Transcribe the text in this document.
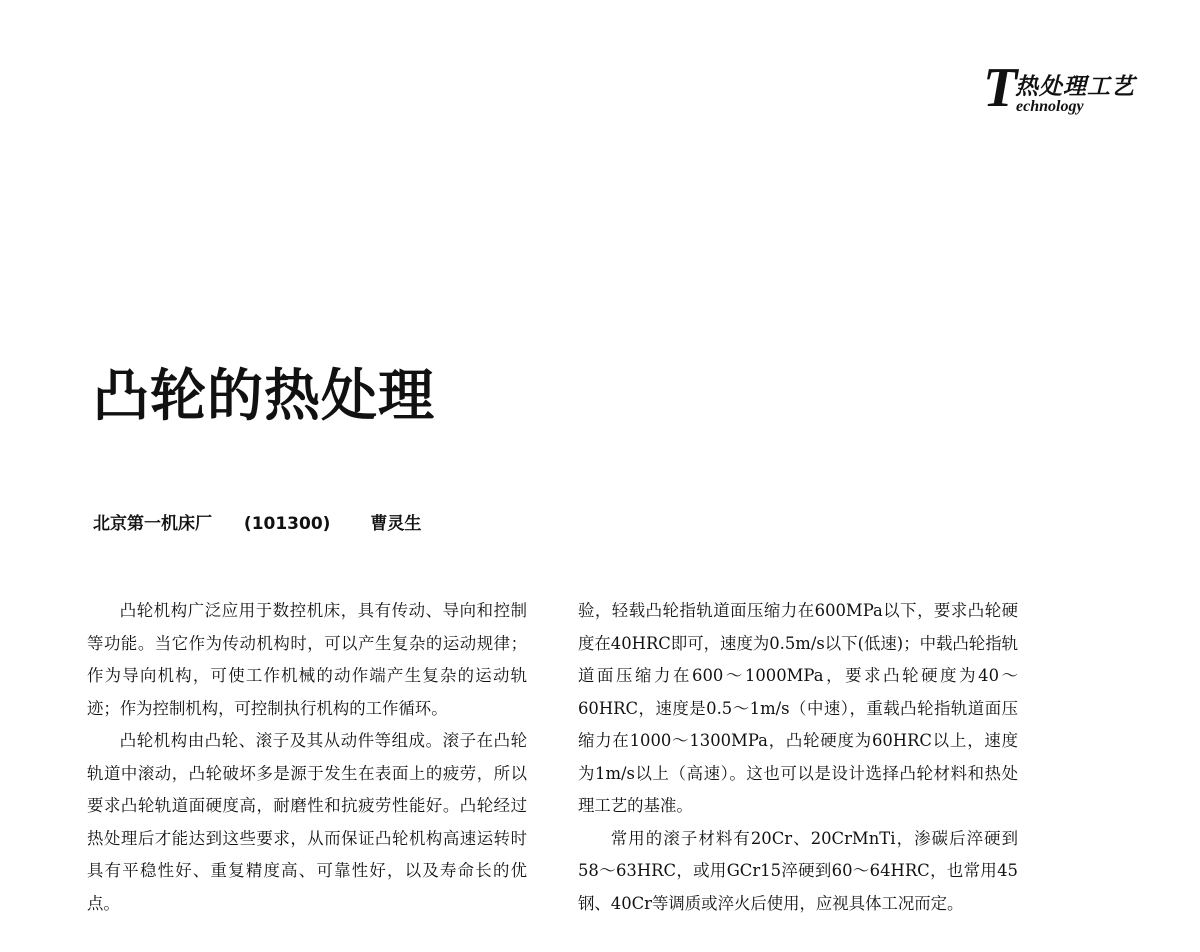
T
热处理工艺
echnology
凸轮的热处理
北京第一机床厂 (101300) 曹灵生

凸轮机构广泛应用于数控机床，具有传动、导向和控制等功能。当它作为传动机构时，可以产生复杂的运动规律；作为导向机构，可使工作机械的动作端产生复杂的运动轨迹；作为控制机构，可控制执行机构的工作循环。

凸轮机构由凸轮、滚子及其从动件等组成。滚子在凸轮轨道中滚动，凸轮破坏多是源于发生在表面上的疲劳，所以要求凸轮轨道面硬度高，耐磨性和抗疲劳性能好。凸轮经过热处理后才能达到这些要求，从而保证凸轮机构高速运转时具有平稳性好、重复精度高、可靠性好，以及寿命长的优点。

验，轻载凸轮指轨道面压缩力在600MPa以下，要求凸轮硬度在40HRC即可，速度为0.5m/s以下(低速)；中载凸轮指轨道面压缩力在600～1000MPa，要求凸轮硬度为40～60HRC，速度是0.5～1m/s（中速），重载凸轮指轨道面压缩力在1000～1300MPa，凸轮硬度为60HRC以上，速度为1m/s以上（高速）。这也可以是设计选择凸轮材料和热处理工艺的基准。

常用的滚子材料有20Cr、20CrMnTi，渗碳后淬硬到58～63HRC，或用GCr15淬硬到60～64HRC，也常用45钢、40Cr等调质或淬火后使用，应视具体工况而定。
